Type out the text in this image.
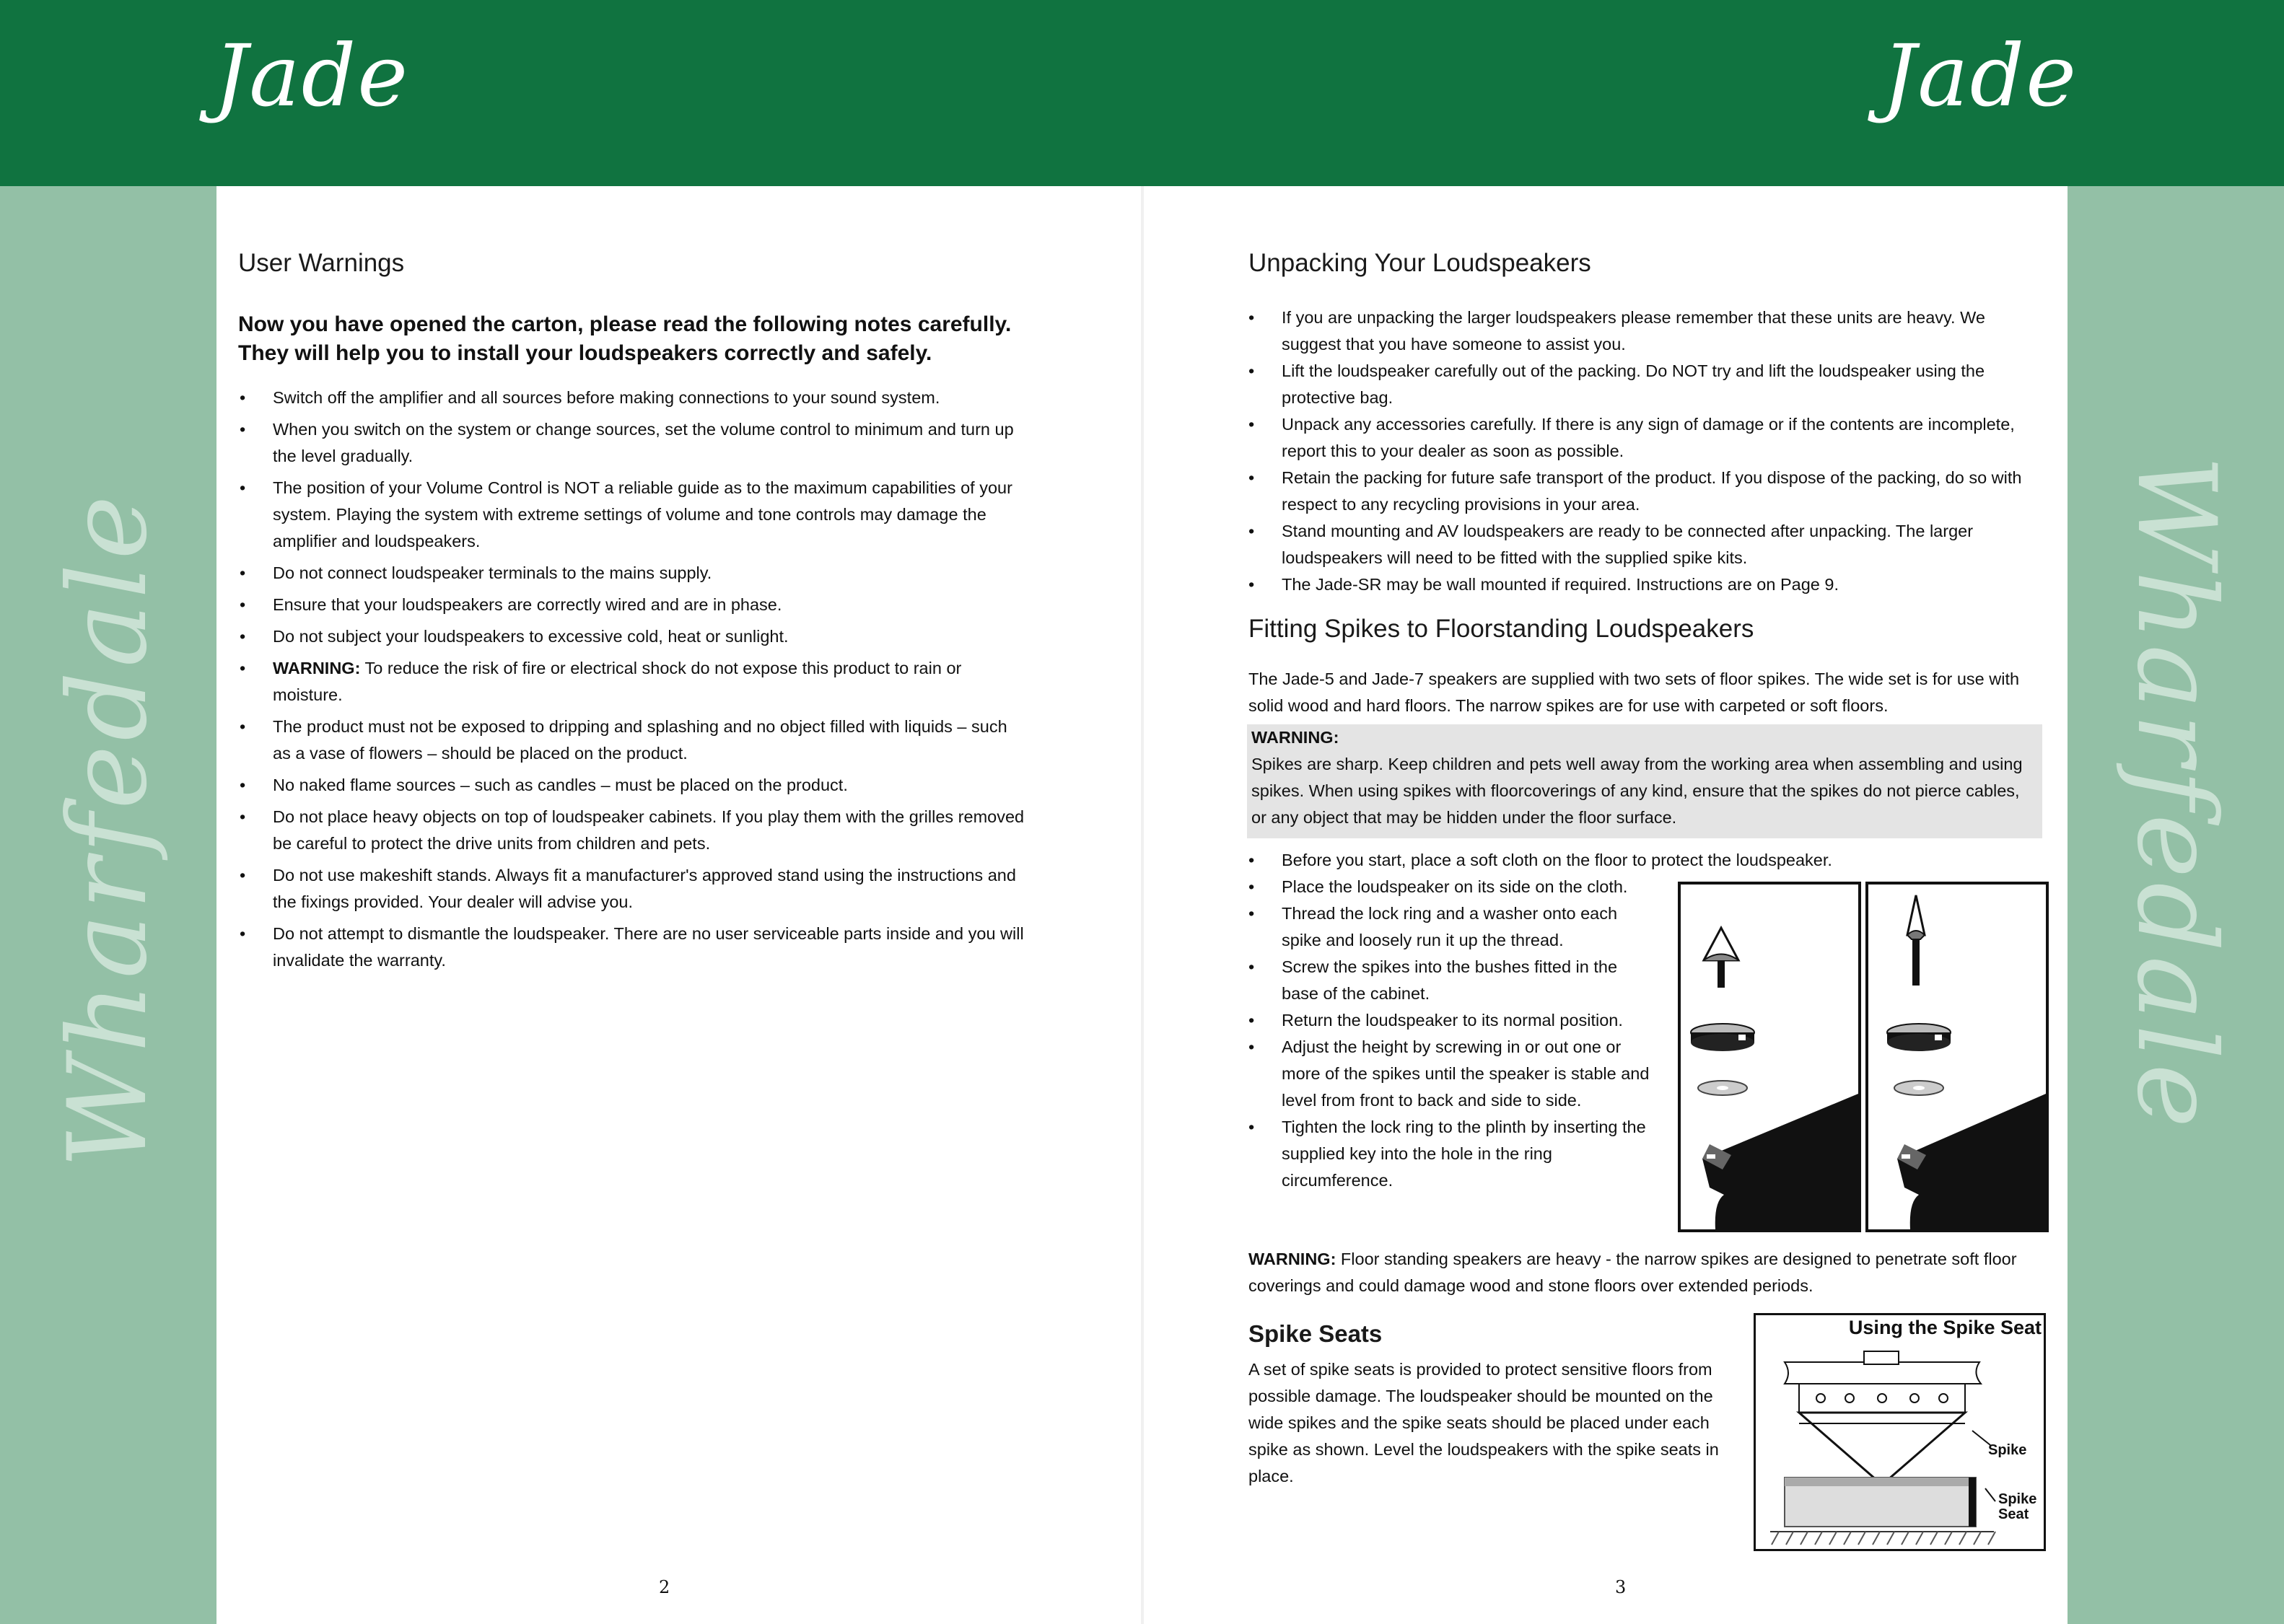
Jade	Jade
Wharfedale	Wharfedale
User Warnings
Now you have opened the carton, please read the following notes carefully.
They will help you to install your loudspeakers correctly and safely.
• Switch off the amplifier and all sources before making connections to your sound system.
• When you switch on the system or change sources, set the volume control to minimum and turn up the level gradually.
• The position of your Volume Control is NOT a reliable guide as to the maximum capabilities of your system. Playing the system with extreme settings of volume and tone controls may damage the amplifier and loudspeakers.
• Do not connect loudspeaker terminals to the mains supply.
• Ensure that your loudspeakers are correctly wired and are in phase.
• Do not subject your loudspeakers to excessive cold, heat or sunlight.
• WARNING: To reduce the risk of fire or electrical shock do not expose this product to rain or moisture.
• The product must not be exposed to dripping and splashing and no object filled with liquids – such as a vase of flowers – should be placed on the product.
• No naked flame sources – such as candles – must be placed on the product.
• Do not place heavy objects on top of loudspeaker cabinets. If you play them with the grilles removed be careful to protect the drive units from children and pets.
• Do not use makeshift stands. Always fit a manufacturer's approved stand using the instructions and the fixings provided. Your dealer will advise you.
• Do not attempt to dismantle the loudspeaker. There are no user serviceable parts inside and you will invalidate the warranty.
2
Unpacking Your Loudspeakers
• If you are unpacking the larger loudspeakers please remember that these units are heavy. We suggest that you have someone to assist you.
• Lift the loudspeaker carefully out of the packing. Do NOT try and lift the loudspeaker using the protective bag.
• Unpack any accessories carefully. If there is any sign of damage or if the contents are incomplete, report this to your dealer as soon as possible.
• Retain the packing for future safe transport of the product. If you dispose of the packing, do so with respect to any recycling provisions in your area.
• Stand mounting and AV loudspeakers are ready to be connected after unpacking. The larger loudspeakers will need to be fitted with the supplied spike kits.
• The Jade-SR may be wall mounted if required. Instructions are on Page 9.
Fitting Spikes to Floorstanding Loudspeakers
The Jade-5 and Jade-7 speakers are supplied with two sets of floor spikes. The wide set is for use with solid wood and hard floors. The narrow spikes are for use with carpeted or soft floors.
WARNING:
Spikes are sharp. Keep children and pets well away from the working area when assembling and using spikes. When using spikes with floorcoverings of any kind, ensure that the spikes do not pierce cables, or any object that may be hidden under the floor surface.
• Before you start, place a soft cloth on the floor to protect the loudspeaker.
• Place the loudspeaker on its side on the cloth.
• Thread the lock ring and a washer onto each spike and loosely run it up the thread.
• Screw the spikes into the bushes fitted in the base of the cabinet.
• Return the loudspeaker to its normal position.
• Adjust the height by screwing in or out one or more of the spikes until the speaker is stable and level from front to back and side to side.
• Tighten the lock ring to the plinth by inserting the supplied key into the hole in the ring circumference.
WARNING: Floor standing speakers are heavy - the narrow spikes are designed to penetrate soft floor coverings and could damage wood and stone floors over extended periods.
Spike Seats
A set of spike seats is provided to protect sensitive floors from possible damage. The loudspeaker should be mounted on the wide spikes and the spike seats should be placed under each spike as shown. Level the loudspeakers with the spike seats in place.
Using the Spike Seat
Spike
Spike
Seat
3
